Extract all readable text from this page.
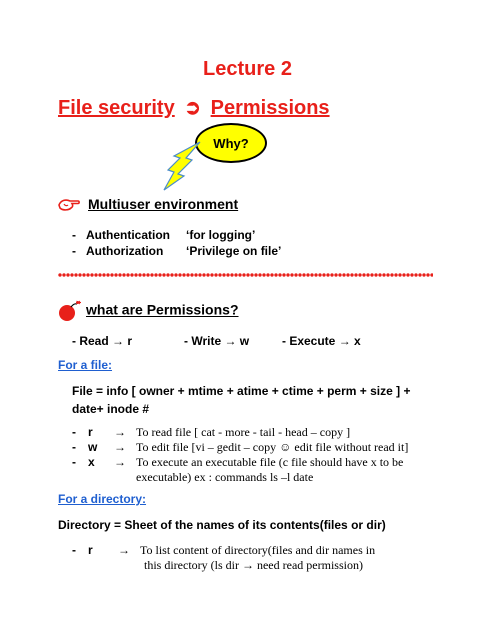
Lecture 2
File security ➲ Permissions
Why?
Multiuser environment
- Authentication ‘for logging’
- Authorization ‘Privilege on file’
what are Permissions?
- Read → r	- Write → w	- Execute → x
For a file:
File = info [ owner + mtime + atime + ctime + perm + size ] +
date+ inode #
- r → To read file [ cat - more - tail - head – copy ]
- w → To edit file [vi – gedit – copy ☺ edit file without read it]
- x → To execute an executable file (c file should have x to be
executable) ex : commands ls –l date
For a directory:
Directory = Sheet of the names of its contents(files or dir)
- r → To list content of directory(files and dir names in
this directory (ls dir → need read permission)
